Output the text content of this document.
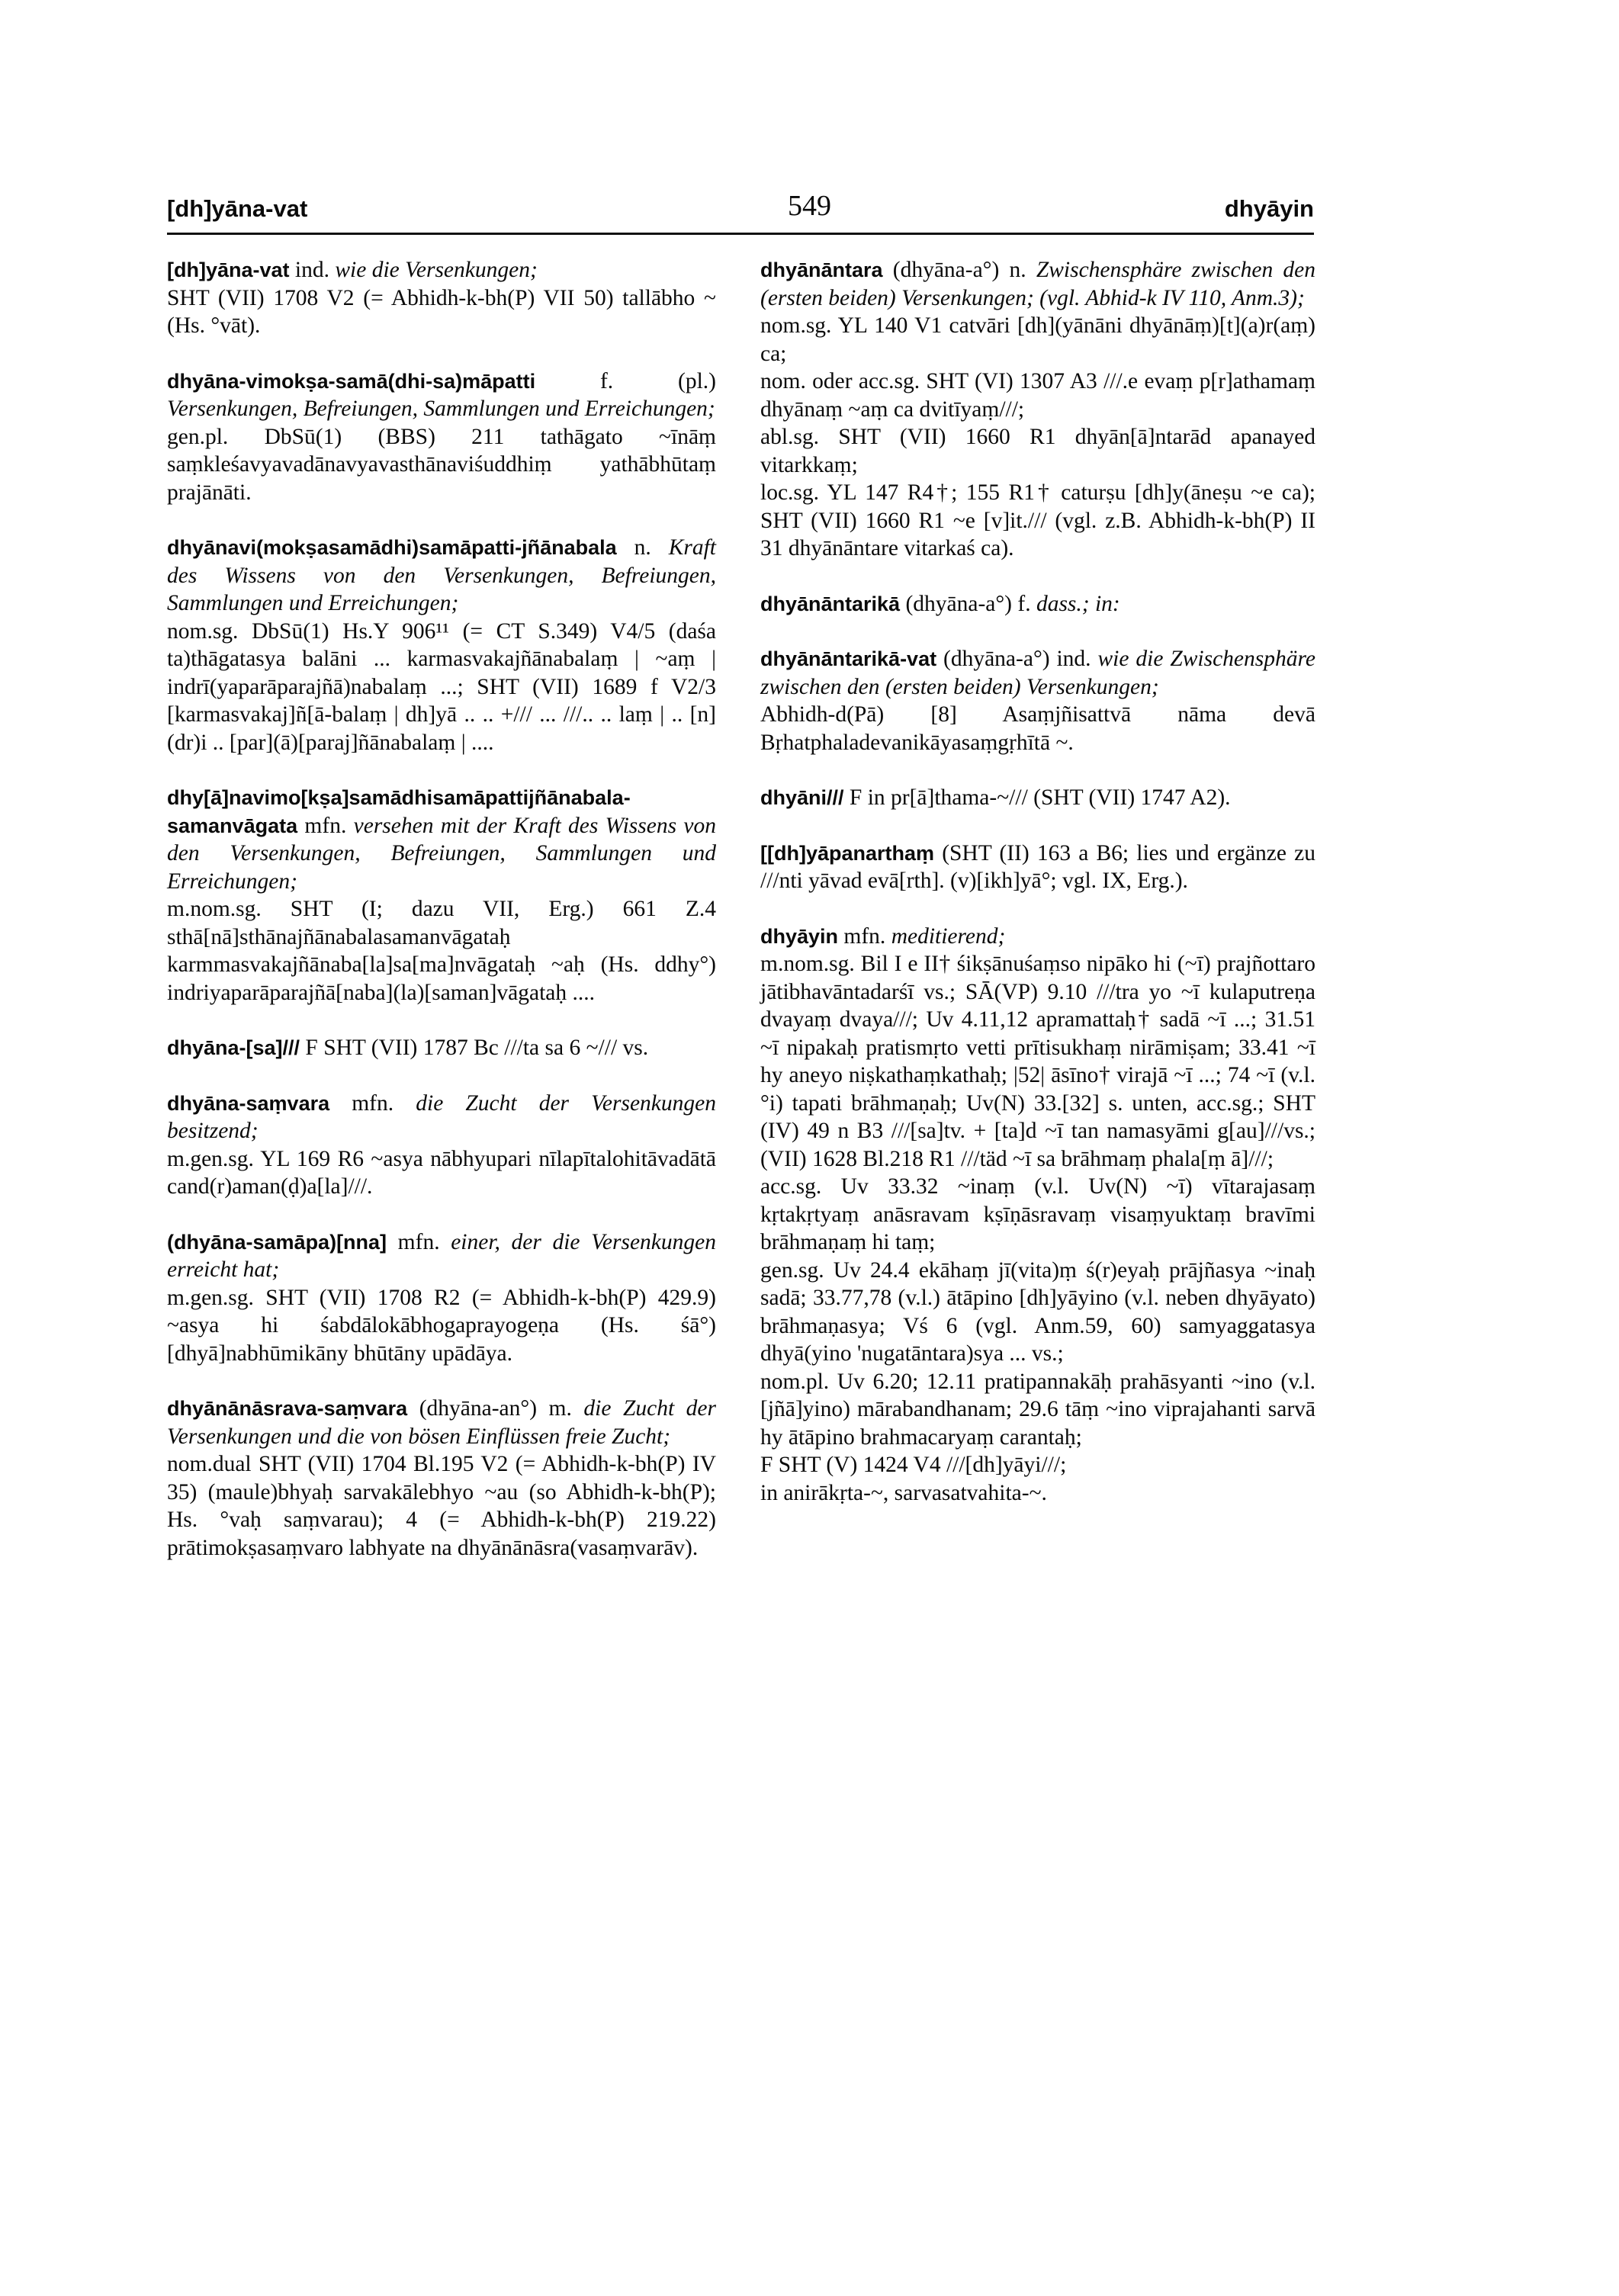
[dh]yāna-vat	549	dhyāyin

[dh]yāna-vat ind. wie die Versenkungen;

SHT (VII) 1708 V2 (= Abhidh-k-bh(P) VII 50) tallābho ~ (Hs. °vāt).

dhyāna-vimokṣa-samā(dhi-sa)māpatti f. (pl.) Versenkungen, Befreiungen, Sammlungen und Erreichungen;

gen.pl. DbSū(1) (BBS) 211 tathāgato ~īnāṃ saṃkleśavyavadānavyavasthānaviśuddhiṃ yathābhūtaṃ prajānāti.

dhyānavi(mokṣasamādhi)samāpatti-jñānabala n. Kraft des Wissens von den Versenkungen, Befreiungen, Sammlungen und Erreichungen;

nom.sg. DbSū(1) Hs.Y 906¹¹ (= CT S.349) V4/5 (daśa ta)thāgatasya balāni ... karmasvakajñānabalaṃ | ~aṃ | indrī(yaparāparajñā)nabalaṃ ...; SHT (VII) 1689 f V2/3 [karmasvakaj]ñ[ā-balaṃ | dh]yā .. .. +/// ... ///.. .. laṃ | .. [n](dr)i .. [par](ā)[paraj]ñānabalaṃ | ....

dhy[ā]navimo[kṣa]samādhisamāpattijñānabala-samanvāgata mfn. versehen mit der Kraft des Wissens von den Versenkungen, Befreiungen, Sammlungen und Erreichungen;

m.nom.sg. SHT (I; dazu VII, Erg.) 661 Z.4 sthā[nā]sthānajñānabalasamanvāgataḥ karmmasvakajñānaba[la]sa[ma]nvāgataḥ ~aḥ (Hs. ddhy°) indriyaparāparajñā[naba](la)[saman]vāgataḥ ....

dhyāna-[sa]/// F SHT (VII) 1787 Bc ///ta sa 6 ~/// vs.

dhyāna-saṃvara mfn. die Zucht der Versenkungen besitzend;

m.gen.sg. YL 169 R6 ~asya nābhyupari nīlapītalohitāvadātā cand(r)aman(ḍ)a[la]///.

(dhyāna-samāpa)[nna] mfn. einer, der die Versenkungen erreicht hat;

m.gen.sg. SHT (VII) 1708 R2 (= Abhidh-k-bh(P) 429.9) ~asya hi śabdālokābhogaprayogeṇa (Hs. śā°) [dhyā]nabhūmikāny bhūtāny upādāya.

dhyānānāsrava-saṃvara (dhyāna-an°) m. die Zucht der Versenkungen und die von bösen Einflüssen freie Zucht;

nom.dual SHT (VII) 1704 Bl.195 V2 (= Abhidh-k-bh(P) IV 35) (maule)bhyaḥ sarvakālebhyo ~au (so Abhidh-k-bh(P); Hs. °vaḥ saṃvarau); 4 (= Abhidh-k-bh(P) 219.22) prātimokṣasaṃvaro labhyate na dhyānānāsra(vasaṃvarāv).

dhyānāntara (dhyāna-a°) n. Zwischensphäre zwischen den (ersten beiden) Versenkungen; (vgl. Abhid-k IV 110, Anm.3);

nom.sg. YL 140 V1 catvāri [dh](yānāni dhyānāṃ)[t](a)r(aṃ) ca;

nom. oder acc.sg. SHT (VI) 1307 A3 ///.e evaṃ p[r]athamaṃ dhyānaṃ ~aṃ ca dvitīyaṃ///;

abl.sg. SHT (VII) 1660 R1 dhyān[ā]ntarād apanayed vitarkkaṃ;

loc.sg. YL 147 R4†; 155 R1† caturṣu [dh]y(āneṣu ~e ca); SHT (VII) 1660 R1 ~e [v]it./// (vgl. z.B. Abhidh-k-bh(P) II 31 dhyānāntare vitarkaś ca).

dhyānāntarikā (dhyāna-a°) f. dass.; in:

dhyānāntarikā-vat (dhyāna-a°) ind. wie die Zwischensphäre zwischen den (ersten beiden) Versenkungen;

Abhidh-d(Pā) [8] Asaṃjñisattvā nāma devā Bṛhatphaladevanikāyasaṃgṛhītā ~.

dhyāni/// F in pr[ā]thama-~/// (SHT (VII) 1747 A2).

[[dh]yāpanarthaṃ (SHT (II) 163 a B6; lies und ergänze zu ///nti yāvad evā[rth]. (v)[ikh]yā°; vgl. IX, Erg.).

dhyāyin mfn. meditierend;

m.nom.sg. Bil I e II† śikṣānuśaṃso nipāko hi (~ī) prajñottaro jātibhavāntadarśī vs.; SĀ(VP) 9.10 ///tra yo ~ī kulaputreṇa dvayaṃ dvaya///; Uv 4.11,12 apramattaḥ† sadā ~ī ...; 31.51 ~ī nipakaḥ pratismṛto vetti prītisukhaṃ nirāmiṣam; 33.41 ~ī hy aneyo niṣkathaṃkathaḥ; |52| āsīno† virajā ~ī ...; 74 ~ī (v.l. °i) tapati brāhmaṇaḥ; Uv(N) 33.[32] s. unten, acc.sg.; SHT (IV) 49 n B3 ///[sa]tv. + [ta]d ~ī tan namasyāmi g[au]///vs.; (VII) 1628 Bl.218 R1 ///täd ~ī sa brāhmaṃ phala[ṃ ā]///;

acc.sg. Uv 33.32 ~inaṃ (v.l. Uv(N) ~ī) vītarajasaṃ kṛtakṛtyaṃ anāsravam kṣīṇāsravaṃ visaṃyuktaṃ bravīmi brāhmaṇaṃ hi taṃ;

gen.sg. Uv 24.4 ekāhaṃ jī(vita)ṃ ś(r)eyaḥ prājñasya ~inaḥ sadā; 33.77,78 (v.l.) ātāpino [dh]yāyino (v.l. neben dhyāyato) brāhmaṇasya; Vś 6 (vgl. Anm.59, 60) samyaggatasya dhyā(yino 'nugatāntara)sya ... vs.;

nom.pl. Uv 6.20; 12.11 pratipannakāḥ prahāsyanti ~ino (v.l. [jñā]yino) mārabandhanam; 29.6 tāṃ ~ino viprajahanti sarvā hy ātāpino brahmacaryaṃ carantaḥ;

F SHT (V) 1424 V4 ///[dh]yāyi///;

in anirākṛta-~, sarvasatvahita-~.
